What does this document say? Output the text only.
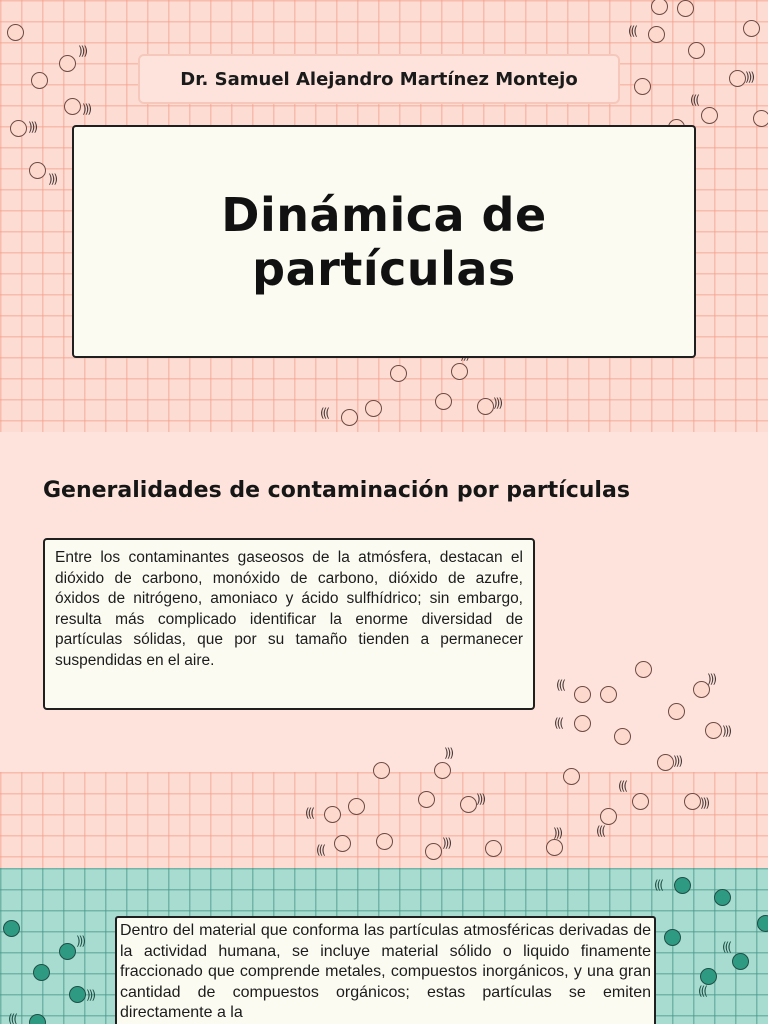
)))
)))
)))
)))
(((
)))
(((
(((
)))
(((	)))
(((
)))
)))
)))
(((
)))	)))
(((
(((
(((	)))
)))
(((
)))	(((
)))	(((
(((
Dr. Samuel Alejandro Martínez Montejo
Dinámica de
partículas
Generalidades de contaminación por partículas

Entre los contaminantes gaseosos de la atmósfera, destacan el dióxido de carbono, monóxido de carbono, dióxido de azufre, óxidos de nitrógeno, amoniaco y ácido sulfhídrico; sin embargo, resulta más complicado identificar la enorme diversidad de partículas sólidas, que por su tamaño tienden a permanecer suspendidas en el aire.

Dentro del material que conforma las partículas atmosféricas derivadas de la actividad humana, se incluye material sólido o liquido finamente fraccionado que comprende metales, compuestos inorgánicos, y una gran cantidad de compuestos orgánicos; estas partículas se emiten directamente a la
